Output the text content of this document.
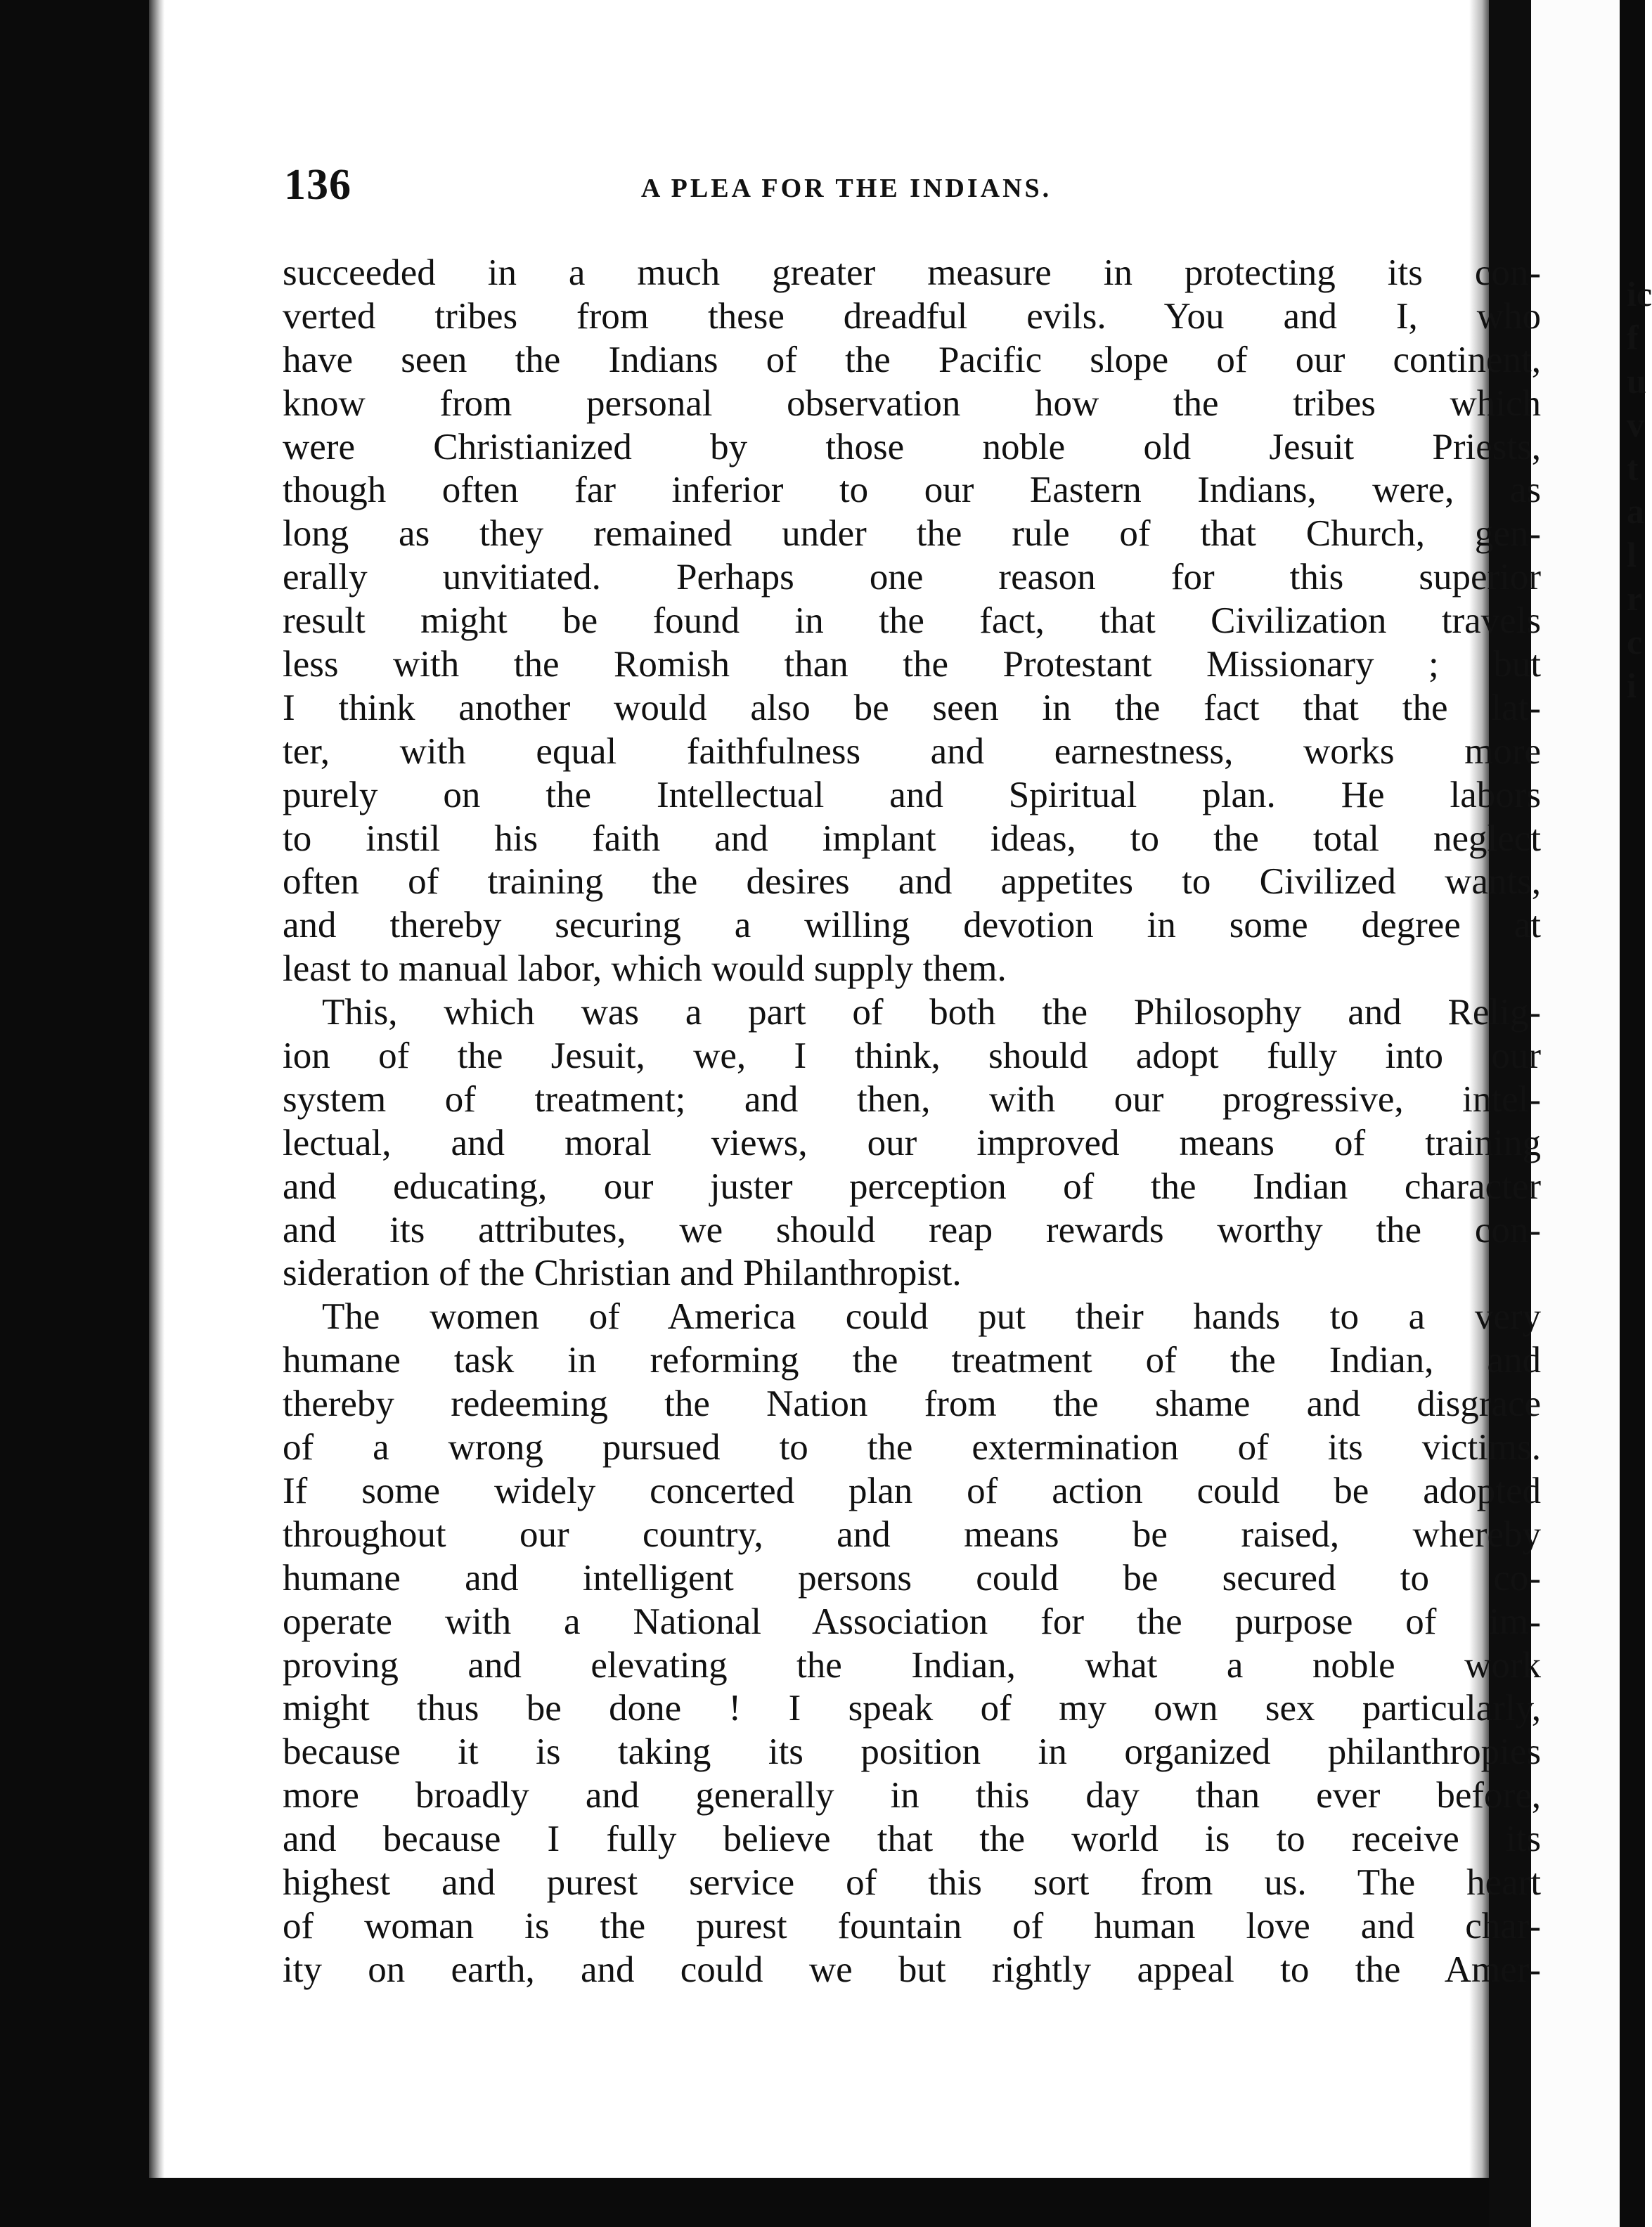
ic
f
u
v
t
a
l
r
c
i
136	A PLEA FOR THE INDIANS.
succeeded in a much greater measure in protecting its con-
verted tribes from these dreadful evils. You and I, who
have seen the Indians of the Pacific slope of our continent,
know from personal observation how the tribes which
were Christianized by those noble old Jesuit Priests,
though often far inferior to our Eastern Indians, were, as
long as they remained under the rule of that Church, gen-
erally unvitiated. Perhaps one reason for this superior
result might be found in the fact, that Civilization travels
less with the Romish than the Protestant Missionary ; but
I think another would also be seen in the fact that the lat-
ter, with equal faithfulness and earnestness, works more
purely on the Intellectual and Spiritual plan. He labors
to instil his faith and implant ideas, to the total neglect
often of training the desires and appetites to Civilized wants,
and thereby securing a willing devotion in some degree at
least to manual labor, which would supply them.
This, which was a part of both the Philosophy and Relig-
ion of the Jesuit, we, I think, should adopt fully into our
system of treatment; and then, with our progressive, intel-
lectual, and moral views, our improved means of training
and educating, our juster perception of the Indian character
and its attributes, we should reap rewards worthy the con-
sideration of the Christian and Philanthropist.
The women of America could put their hands to a very
humane task in reforming the treatment of the Indian, and
thereby redeeming the Nation from the shame and disgrace
of a wrong pursued to the extermination of its victims.
If some widely concerted plan of action could be adopted
throughout our country, and means be raised, whereby
humane and intelligent persons could be secured to co-
operate with a National Association for the purpose of im-
proving and elevating the Indian, what a noble work
might thus be done ! I speak of my own sex particularly,
because it is taking its position in organized philanthropies
more broadly and generally in this day than ever before,
and because I fully believe that the world is to receive its
highest and purest service of this sort from us. The heart
of woman is the purest fountain of human love and char-
ity on earth, and could we but rightly appeal to the Amer-
